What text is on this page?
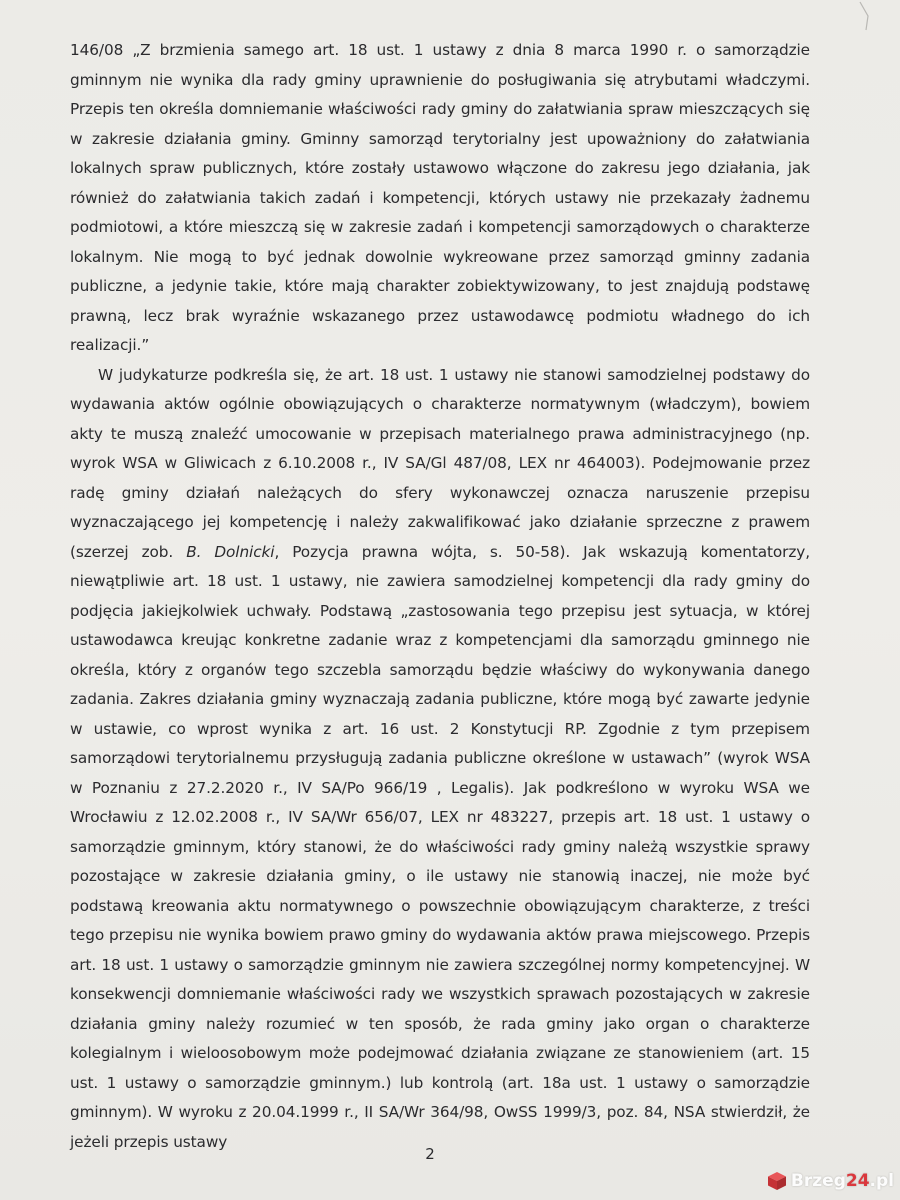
146/08 „Z brzmienia samego art. 18 ust. 1 ustawy z dnia 8 marca 1990 r. o samorządzie gminnym nie wynika dla rady gminy uprawnienie do posługiwania się atrybutami władczymi. Przepis ten określa domniemanie właściwości rady gminy do załatwiania spraw mieszczących się w zakresie działania gminy. Gminny samorząd terytorialny jest upoważniony do załatwiania lokalnych spraw publicznych, które zostały ustawowo włączone do zakresu jego działania, jak również do załatwiania takich zadań i kompetencji, których ustawy nie przekazały żadnemu podmiotowi, a które mieszczą się w zakresie zadań i kompetencji samorządowych o charakterze lokalnym. Nie mogą to być jednak dowolnie wykreowane przez samorząd gminny zadania publiczne, a jedynie takie, które mają charakter zobiektywizowany, to jest znajdują podstawę prawną, lecz brak wyraźnie wskazanego przez ustawodawcę podmiotu władnego do ich realizacji.”

W judykaturze podkreśla się, że art. 18 ust. 1 ustawy nie stanowi samodzielnej podstawy do wydawania aktów ogólnie obowiązujących o charakterze normatywnym (władczym), bowiem akty te muszą znaleźć umocowanie w przepisach materialnego prawa administracyjnego (np. wyrok WSA w Gliwicach z 6.10.2008 r., IV SA/Gl 487/08, LEX nr 464003). Podejmowanie przez radę gminy działań należących do sfery wykonawczej oznacza naruszenie przepisu wyznaczającego jej kompetencję i należy zakwalifikować jako działanie sprzeczne z prawem (szerzej zob. B. Dolnicki, Pozycja prawna wójta, s. 50-58). Jak wskazują komentatorzy, niewątpliwie art. 18 ust. 1 ustawy, nie zawiera samodzielnej kompetencji dla rady gminy do podjęcia jakiejkolwiek uchwały. Podstawą „zastosowania tego przepisu jest sytuacja, w której ustawodawca kreując konkretne zadanie wraz z kompetencjami dla samorządu gminnego nie określa, który z organów tego szczebla samorządu będzie właściwy do wykonywania danego zadania. Zakres działania gminy wyznaczają zadania publiczne, które mogą być zawarte jedynie w ustawie, co wprost wynika z art. 16 ust. 2 Konstytucji RP. Zgodnie z tym przepisem samorządowi terytorialnemu przysługują zadania publiczne określone w ustawach” (wyrok WSA w Poznaniu z 27.2.2020 r., IV SA/Po 966/19 , Legalis). Jak podkreślono w wyroku WSA we Wrocławiu z 12.02.2008 r., IV SA/Wr 656/07, LEX nr 483227, przepis art. 18 ust. 1 ustawy o samorządzie gminnym, który stanowi, że do właściwości rady gminy należą wszystkie sprawy pozostające w zakresie działania gminy, o ile ustawy nie stanowią inaczej, nie może być podstawą kreowania aktu normatywnego o powszechnie obowiązującym charakterze, z treści tego przepisu nie wynika bowiem prawo gminy do wydawania aktów prawa miejscowego. Przepis art. 18 ust. 1 ustawy o samorządzie gminnym nie zawiera szczególnej normy kompetencyjnej. W konsekwencji domniemanie właściwości rady we wszystkich sprawach pozostających w zakresie działania gminy należy rozumieć w ten sposób, że rada gminy jako organ o charakterze kolegialnym i wieloosobowym może podejmować działania związane ze stanowieniem (art. 15 ust. 1 ustawy o samorządzie gminnym.) lub kontrolą (art. 18a ust. 1 ustawy o samorządzie gminnym). W wyroku z 20.04.1999 r., II SA/Wr 364/98, OwSS 1999/3, poz. 84, NSA stwierdził, że jeżeli przepis ustawy

2
Brzeg24.pl
